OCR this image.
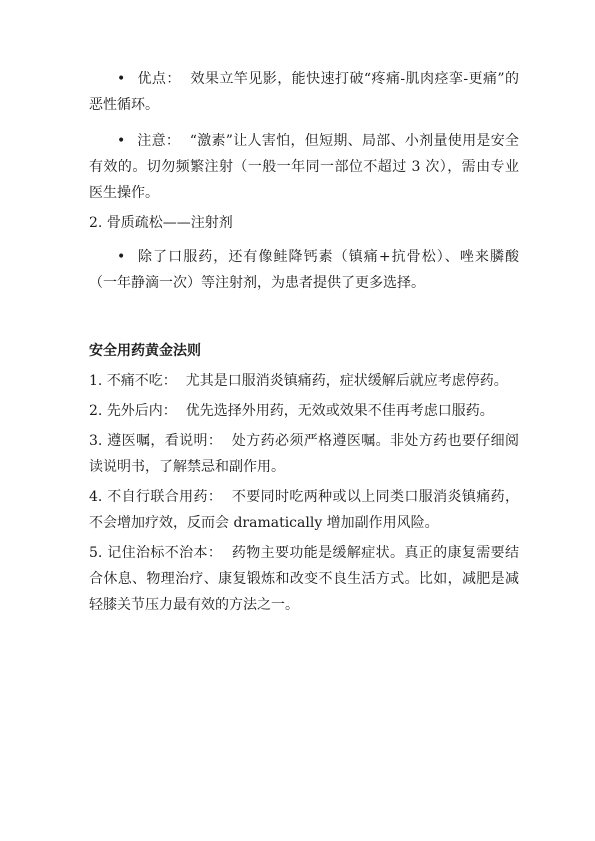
• 优点： 效果立竿见影，能快速打破“疼痛-肌肉痉挛-更痛”的恶性循环。

• 注意： “激素”让人害怕，但短期、局部、小剂量使用是安全有效的。切勿频繁注射（一般一年同一部位不超过 3 次），需由专业医生操作。

2. 骨质疏松——注射剂

• 除了口服药，还有像鲑降钙素（镇痛+抗骨松）、唑来膦酸（一年静滴一次）等注射剂，为患者提供了更多选择。

安全用药黄金法则

1. 不痛不吃： 尤其是口服消炎镇痛药，症状缓解后就应考虑停药。

2. 先外后内： 优先选择外用药，无效或效果不佳再考虑口服药。

3. 遵医嘱，看说明： 处方药必须严格遵医嘱。非处方药也要仔细阅读说明书，了解禁忌和副作用。

4. 不自行联合用药： 不要同时吃两种或以上同类口服消炎镇痛药，不会增加疗效，反而会 dramatically 增加副作用风险。

5. 记住治标不治本： 药物主要功能是缓解症状。真正的康复需要结合休息、物理治疗、康复锻炼和改变不良生活方式。比如，减肥是减轻膝关节压力最有效的方法之一。
